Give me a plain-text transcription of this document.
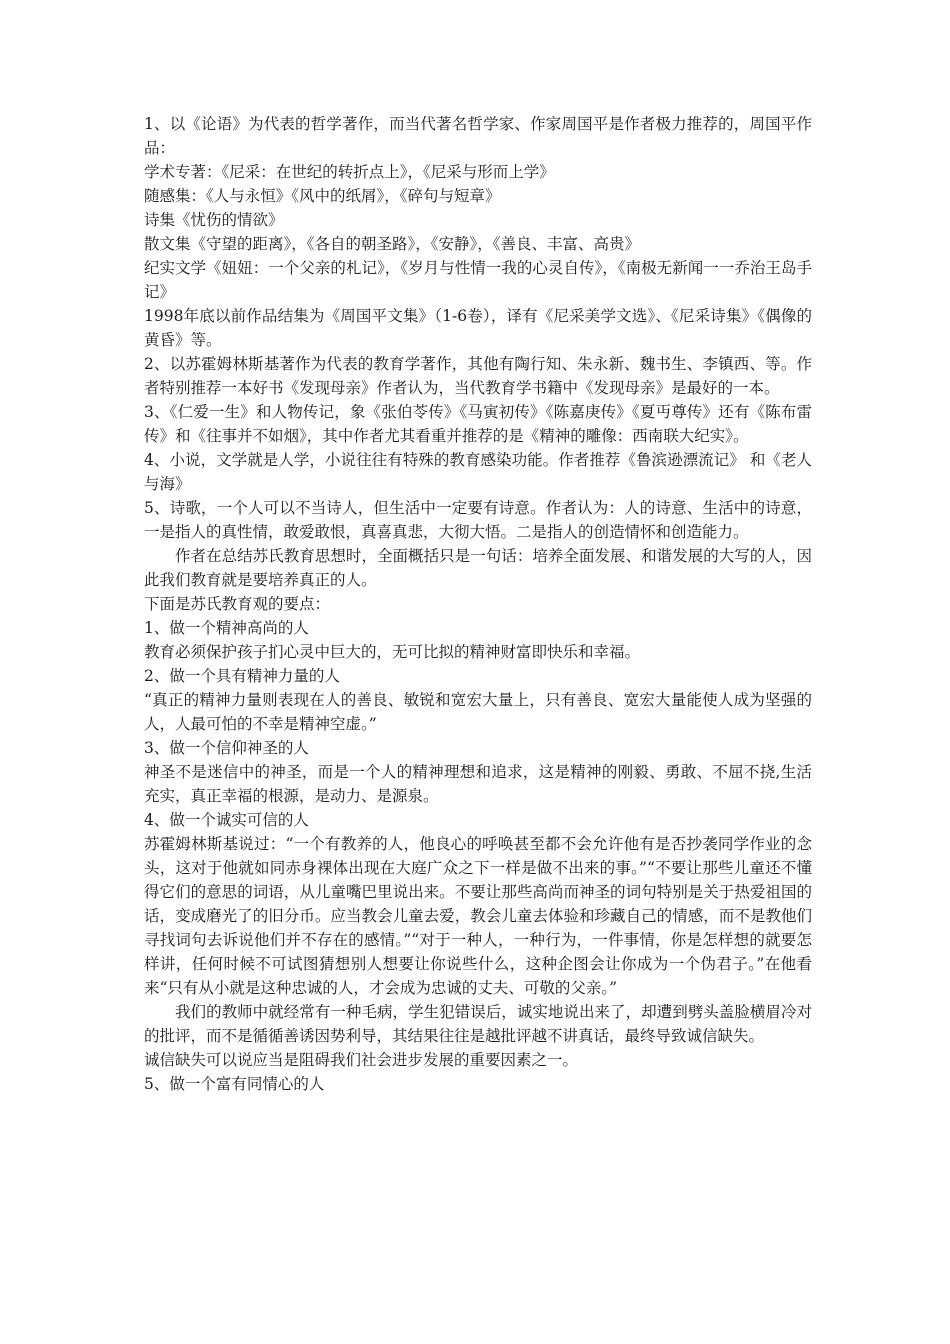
1、以《论语》为代表的哲学著作，而当代著名哲学家、作家周国平是作者极力推荐的，周国平作品：

学术专著：《尼采：在世纪的转折点上》，《尼采与形而上学》

随感集：《人与永恒》《风中的纸屑》，《碎句与短章》

诗集《忧伤的情欲》

散文集《守望的距离》，《各自的朝圣路》，《安静》，《善良、丰富、高贵》

纪实文学《妞妞：一个父亲的札记》，《岁月与性情一我的心灵自传》，《南极无新闻一一乔治王岛手记》

1998年底以前作品结集为《周国平文集》（1-6卷），译有《尼采美学文选》、《尼采诗集》《偶像的黄昏》等。

2、以苏霍姆林斯基著作为代表的教育学著作，其他有陶行知、朱永新、魏书生、李镇西、等。作者特别推荐一本好书《发现母亲》作者认为，当代教育学书籍中《发现母亲》是最好的一本。

3、《仁爱一生》和人物传记，象《张伯苓传》《马寅初传》《陈嘉庚传》《夏丏尊传》还有《陈布雷传》和《往事并不如烟》，其中作者尤其看重并推荐的是《精神的雕像：西南联大纪实》。

4、小说，文学就是人学，小说往往有特殊的教育感染功能。作者推荐《鲁滨逊漂流记》 和《老人与海》

5、诗歌，一个人可以不当诗人，但生活中一定要有诗意。作者认为：人的诗意、生活中的诗意，一是指人的真性情，敢爱敢恨，真喜真悲，大彻大悟。二是指人的创造情怀和创造能力。

作者在总结苏氏教育思想时，全面概括只是一句话：培养全面发展、和谐发展的大写的人，因此我们教育就是要培养真正的人。

下面是苏氏教育观的要点：

1、做一个精神高尚的人

教育必须保护孩子扪心灵中巨大的，无可比拟的精神财富即快乐和幸福。

2、做一个具有精神力量的人

“真正的精神力量则表现在人的善良、敏锐和宽宏大量上，只有善良、宽宏大量能使人成为坚强的人，人最可怕的不幸是精神空虚。”

3、做一个信仰神圣的人

神圣不是迷信中的神圣，而是一个人的精神理想和追求，这是精神的刚毅、勇敢、不屈不挠,生活充实，真正幸福的根源，是动力、是源泉。

4、做一个诚实可信的人

苏霍姆林斯基说过：“一个有教养的人，他良心的呼唤甚至都不会允许他有是否抄袭同学作业的念头，这对于他就如同赤身裸体出现在大庭广众之下一样是做不出来的事。”“不要让那些儿童还不懂得它们的意思的词语，从儿童嘴巴里说出来。不要让那些高尚而神圣的词句特别是关于热爱祖国的话，变成磨光了的旧分币。应当教会儿童去爱，教会儿童去体验和珍藏自己的情感，而不是教他们寻找词句去诉说他们并不存在的感情。”“对于一种人，一种行为，一件事情，你是怎样想的就要怎样讲，任何时候不可试图猜想别人想要让你说些什么，这种企图会让你成为一个伪君子。”在他看来“只有从小就是这种忠诚的人，才会成为忠诚的丈夫、可敬的父亲。”

我们的教师中就经常有一种毛病，学生犯错误后，诚实地说出来了，却遭到劈头盖脸横眉冷对的批评，而不是循循善诱因势利导，其结果往往是越批评越不讲真话，最终导致诚信缺失。

诚信缺失可以说应当是阻碍我们社会进步发展的重要因素之一。

5、做一个富有同情心的人
